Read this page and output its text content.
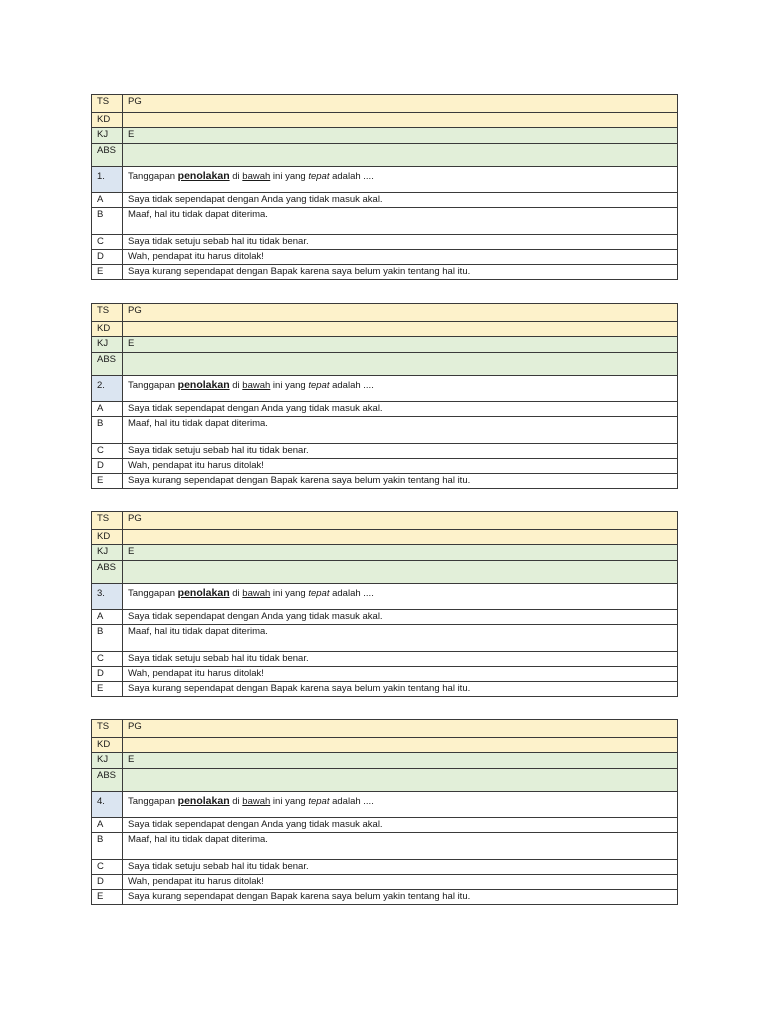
TS	PG
KD	
KJ	E
ABS	
1.	Tanggapan penolakan di bawah ini yang tepat adalah ....
A	Saya tidak sependapat dengan Anda yang tidak masuk akal.
B	Maaf, hal itu tidak dapat diterima.
C	Saya tidak setuju sebab hal itu tidak benar.
D	Wah, pendapat itu harus ditolak!
E	Saya kurang sependapat dengan Bapak karena saya belum yakin tentang hal itu.
TS	PG
KD	
KJ	E
ABS	
2.	Tanggapan penolakan di bawah ini yang tepat adalah ....
A	Saya tidak sependapat dengan Anda yang tidak masuk akal.
B	Maaf, hal itu tidak dapat diterima.
C	Saya tidak setuju sebab hal itu tidak benar.
D	Wah, pendapat itu harus ditolak!
E	Saya kurang sependapat dengan Bapak karena saya belum yakin tentang hal itu.
TS	PG
KD	
KJ	E
ABS	
3.	Tanggapan penolakan di bawah ini yang tepat adalah ....
A	Saya tidak sependapat dengan Anda yang tidak masuk akal.
B	Maaf, hal itu tidak dapat diterima.
C	Saya tidak setuju sebab hal itu tidak benar.
D	Wah, pendapat itu harus ditolak!
E	Saya kurang sependapat dengan Bapak karena saya belum yakin tentang hal itu.
TS	PG
KD	
KJ	E
ABS	
4.	Tanggapan penolakan di bawah ini yang tepat adalah ....
A	Saya tidak sependapat dengan Anda yang tidak masuk akal.
B	Maaf, hal itu tidak dapat diterima.
C	Saya tidak setuju sebab hal itu tidak benar.
D	Wah, pendapat itu harus ditolak!
E	Saya kurang sependapat dengan Bapak karena saya belum yakin tentang hal itu.
